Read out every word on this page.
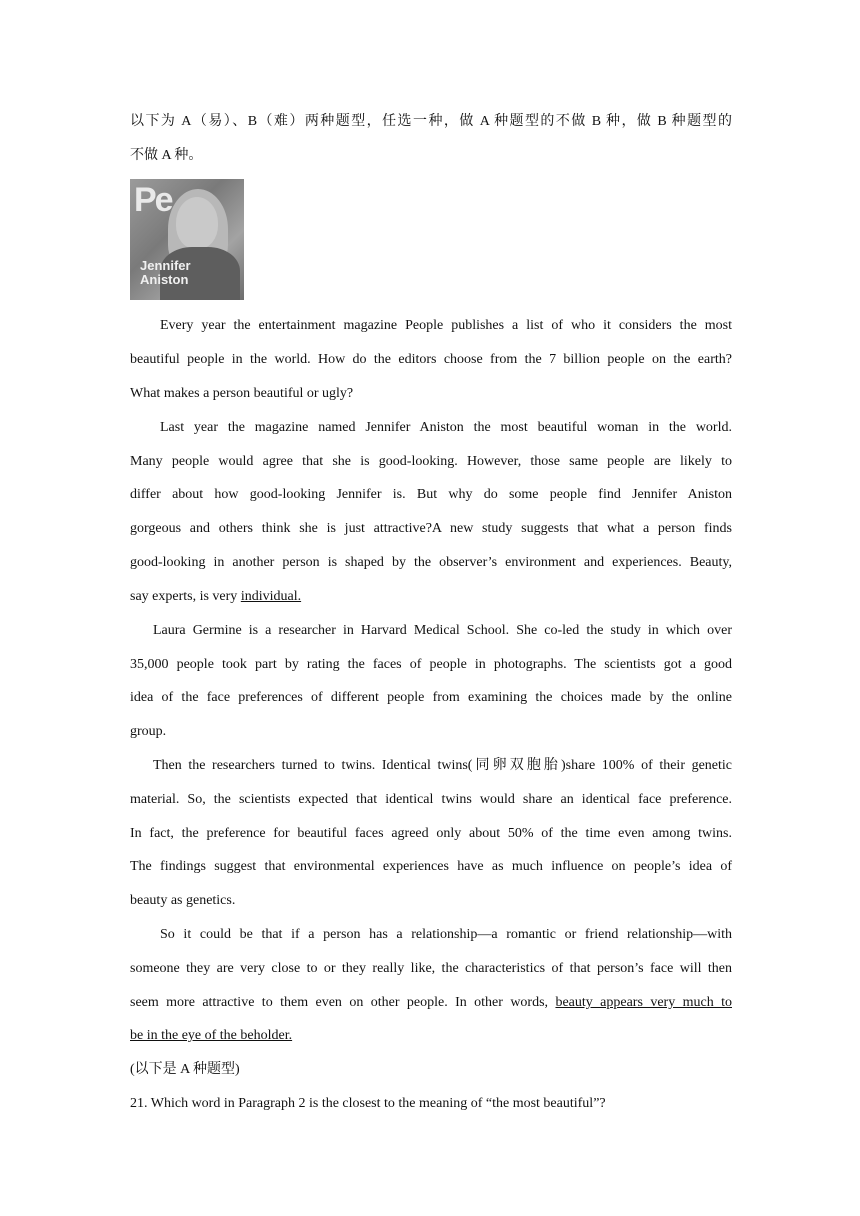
以下为 A（易）、B（难）两种题型，任选一种，做 A 种题型的不做 B 种，做 B 种题型的
不做 A 种。
Pe
Jennifer
Aniston
Every year the entertainment magazine People publishes a list of who it considers the most
beautiful people in the world. How do the editors choose from the 7 billion people on the earth?
What makes a person beautiful or ugly?
Last year the magazine named Jennifer Aniston the most beautiful woman in the world.
Many people would agree that she is good-looking. However, those same people are likely to
differ about how good-looking Jennifer is. But why do some people find Jennifer Aniston
gorgeous and others think she is just attractive?A new study suggests that what a person finds
good-looking in another person is shaped by the observer’s environment and experiences. Beauty,
say experts, is very individual.
Laura Germine is a researcher in Harvard Medical School. She co-led the study in which over
35,000 people took part by rating the faces of people in photographs. The scientists got a good
idea of the face preferences of different people from examining the choices made by the online
group.
Then the researchers turned to twins. Identical twins(同卵双胞胎)share 100% of their genetic
material. So, the scientists expected that identical twins would share an identical face preference.
In fact, the preference for beautiful faces agreed only about 50% of the time even among twins.
The findings suggest that environmental experiences have as much influence on people’s idea of
beauty as genetics.
So it could be that if a person has a relationship—a romantic or friend relationship—with
someone they are very close to or they really like, the characteristics of that person’s face will then
seem more attractive to them even on other people. In other words, beauty appears very much to
be in the eye of the beholder.
(以下是 A 种题型)
21. Which word in Paragraph 2 is the closest to the meaning of “the most beautiful”?
